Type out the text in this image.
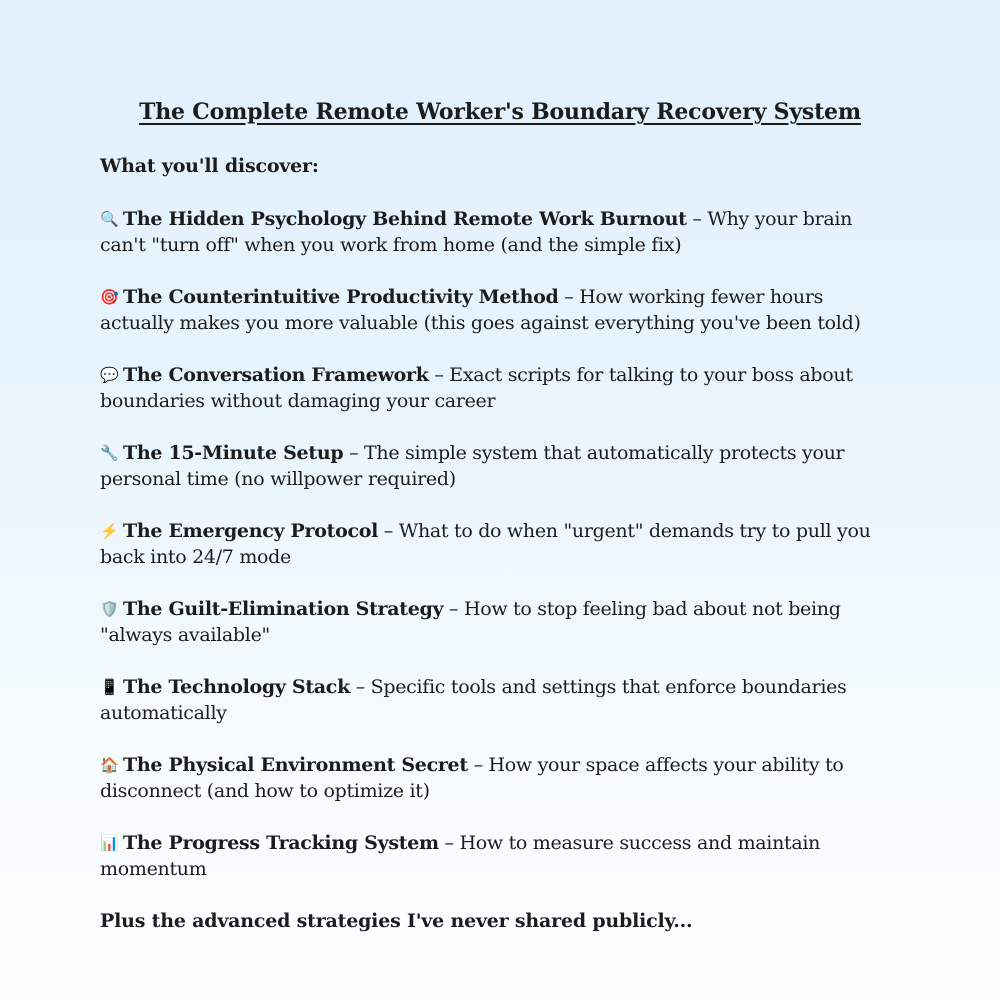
The Complete Remote Worker's Boundary Recovery System

What you'll discover:

🔍 The Hidden Psychology Behind Remote Work Burnout – Why your brain can't "turn off" when you work from home (and the simple fix)
🎯 The Counterintuitive Productivity Method – How working fewer hours actually makes you more valuable (this goes against everything you've been told)
💬 The Conversation Framework – Exact scripts for talking to your boss about boundaries without damaging your career
🔧 The 15-Minute Setup – The simple system that automatically protects your personal time (no willpower required)
⚡ The Emergency Protocol – What to do when "urgent" demands try to pull you back into 24/7 mode
🛡️ The Guilt-Elimination Strategy – How to stop feeling bad about not being "always available"
📱 The Technology Stack – Specific tools and settings that enforce boundaries automatically
🏠 The Physical Environment Secret – How your space affects your ability to disconnect (and how to optimize it)
📊 The Progress Tracking System – How to measure success and maintain momentum

Plus the advanced strategies I've never shared publicly...
